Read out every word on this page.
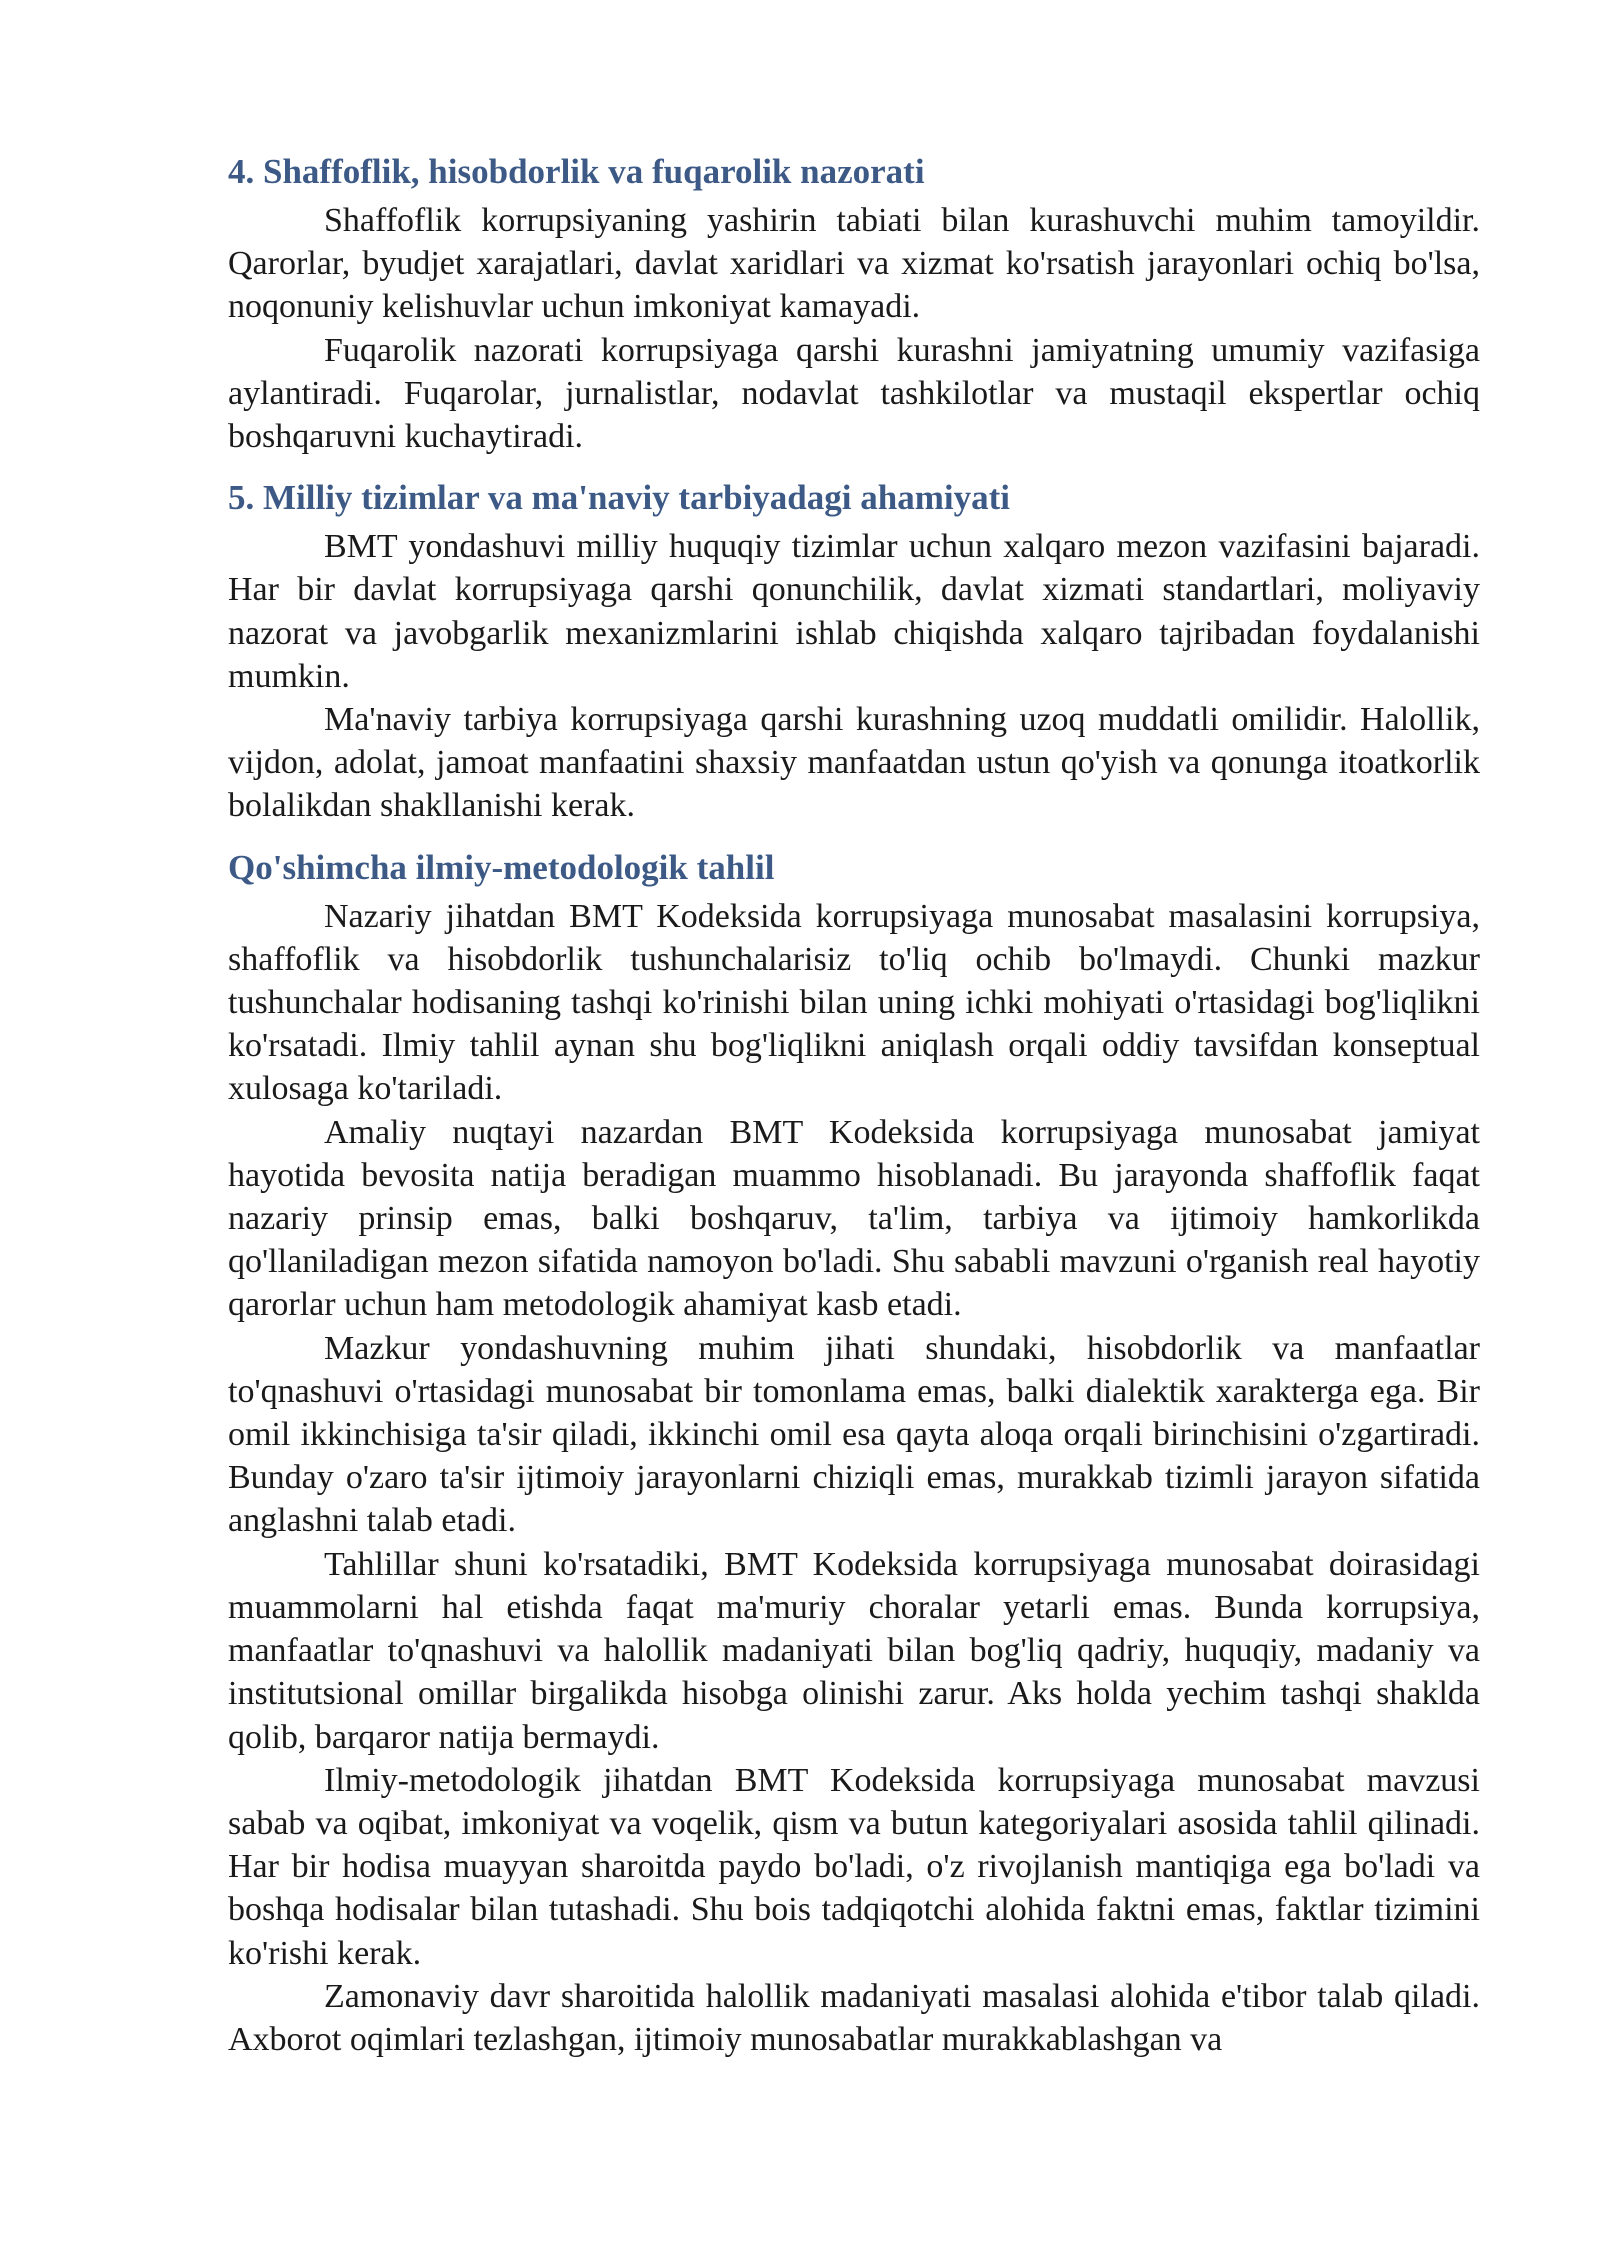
4. Shaffoflik, hisobdorlik va fuqarolik nazorati

Shaffoflik korrupsiyaning yashirin tabiati bilan kurashuvchi muhim tamoyildir. Qarorlar, byudjet xarajatlari, davlat xaridlari va xizmat ko'rsatish jarayonlari ochiq bo'lsa, noqonuniy kelishuvlar uchun imkoniyat kamayadi.

Fuqarolik nazorati korrupsiyaga qarshi kurashni jamiyatning umumiy vazifasiga aylantiradi. Fuqarolar, jurnalistlar, nodavlat tashkilotlar va mustaqil ekspertlar ochiq boshqaruvni kuchaytiradi.

5. Milliy tizimlar va ma'naviy tarbiyadagi ahamiyati

BMT yondashuvi milliy huquqiy tizimlar uchun xalqaro mezon vazifasini bajaradi. Har bir davlat korrupsiyaga qarshi qonunchilik, davlat xizmati standartlari, moliyaviy nazorat va javobgarlik mexanizmlarini ishlab chiqishda xalqaro tajribadan foydalanishi mumkin.

Ma'naviy tarbiya korrupsiyaga qarshi kurashning uzoq muddatli omilidir. Halollik, vijdon, adolat, jamoat manfaatini shaxsiy manfaatdan ustun qo'yish va qonunga itoatkorlik bolalikdan shakllanishi kerak.

Qo'shimcha ilmiy-metodologik tahlil

Nazariy jihatdan BMT Kodeksida korrupsiyaga munosabat masalasini korrupsiya, shaffoflik va hisobdorlik tushunchalarisiz to'liq ochib bo'lmaydi. Chunki mazkur tushunchalar hodisaning tashqi ko'rinishi bilan uning ichki mohiyati o'rtasidagi bog'liqlikni ko'rsatadi. Ilmiy tahlil aynan shu bog'liqlikni aniqlash orqali oddiy tavsifdan konseptual xulosaga ko'tariladi.

Amaliy nuqtayi nazardan BMT Kodeksida korrupsiyaga munosabat jamiyat hayotida bevosita natija beradigan muammo hisoblanadi. Bu jarayonda shaffoflik faqat nazariy prinsip emas, balki boshqaruv, ta'lim, tarbiya va ijtimoiy hamkorlikda qo'llaniladigan mezon sifatida namoyon bo'ladi. Shu sababli mavzuni o'rganish real hayotiy qarorlar uchun ham metodologik ahamiyat kasb etadi.

Mazkur yondashuvning muhim jihati shundaki, hisobdorlik va manfaatlar to'qnashuvi o'rtasidagi munosabat bir tomonlama emas, balki dialektik xarakterga ega. Bir omil ikkinchisiga ta'sir qiladi, ikkinchi omil esa qayta aloqa orqali birinchisini o'zgartiradi. Bunday o'zaro ta'sir ijtimoiy jarayonlarni chiziqli emas, murakkab tizimli jarayon sifatida anglashni talab etadi.

Tahlillar shuni ko'rsatadiki, BMT Kodeksida korrupsiyaga munosabat doirasidagi muammolarni hal etishda faqat ma'muriy choralar yetarli emas. Bunda korrupsiya, manfaatlar to'qnashuvi va halollik madaniyati bilan bog'liq qadriy, huquqiy, madaniy va institutsional omillar birgalikda hisobga olinishi zarur. Aks holda yechim tashqi shaklda qolib, barqaror natija bermaydi.

Ilmiy-metodologik jihatdan BMT Kodeksida korrupsiyaga munosabat mavzusi sabab va oqibat, imkoniyat va voqelik, qism va butun kategoriyalari asosida tahlil qilinadi. Har bir hodisa muayyan sharoitda paydo bo'ladi, o'z rivojlanish mantiqiga ega bo'ladi va boshqa hodisalar bilan tutashadi. Shu bois tadqiqotchi alohida faktni emas, faktlar tizimini ko'rishi kerak.

Zamonaviy davr sharoitida halollik madaniyati masalasi alohida e'tibor talab qiladi. Axborot oqimlari tezlashgan, ijtimoiy munosabatlar murakkablashgan va
